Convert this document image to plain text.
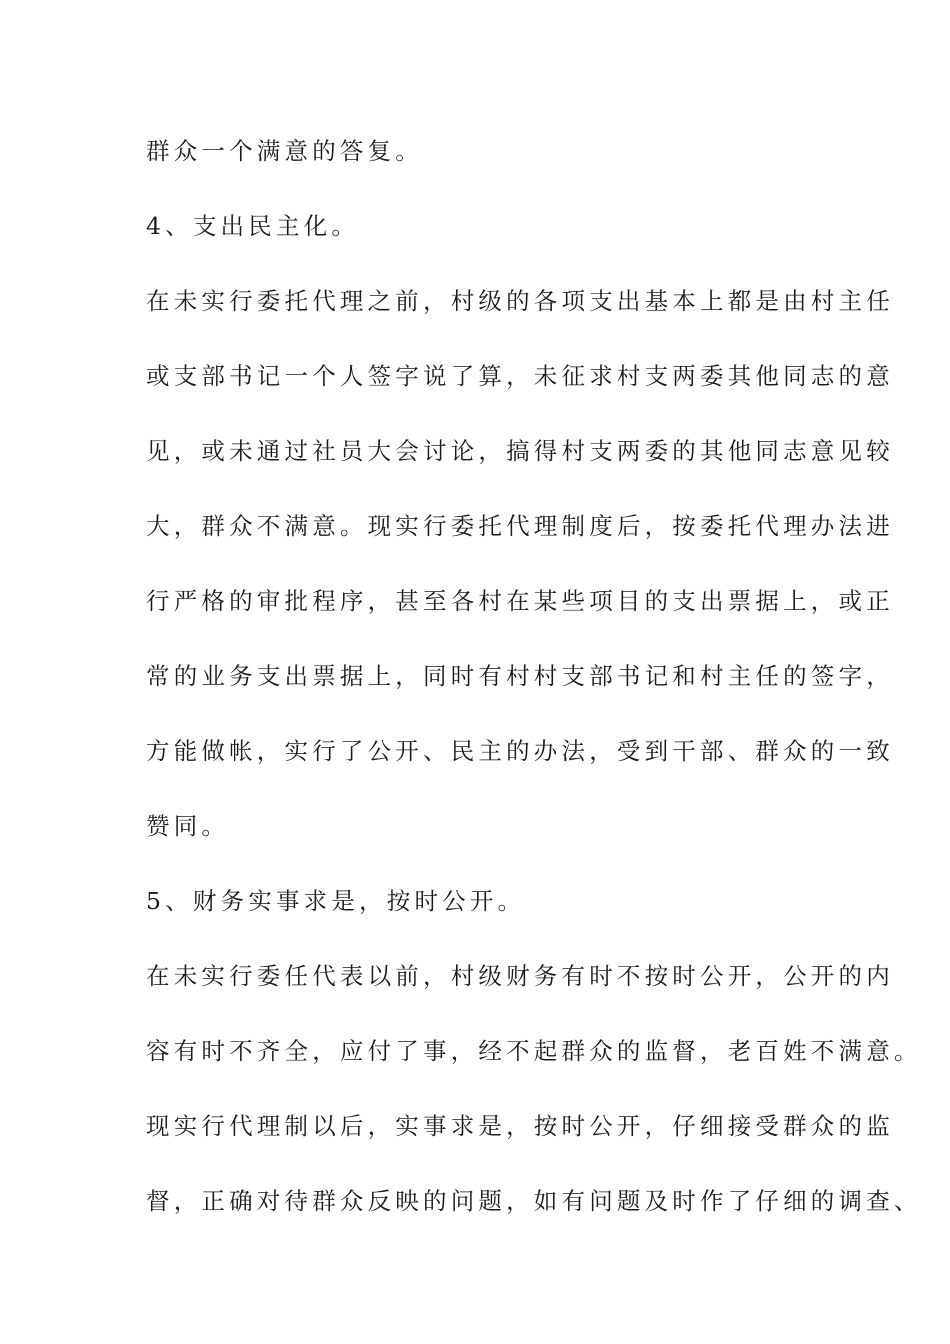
群众一个满意的答复。

4、支出民主化。

在未实行委托代理之前，村级的各项支出基本上都是由村主任

或支部书记一个人签字说了算，未征求村支两委其他同志的意

见，或未通过社员大会讨论，搞得村支两委的其他同志意见较

大，群众不满意。现实行委托代理制度后，按委托代理办法进

行严格的审批程序，甚至各村在某些项目的支出票据上，或正

常的业务支出票据上，同时有村村支部书记和村主任的签字，

方能做帐，实行了公开、民主的办法，受到干部、群众的一致

赞同。

5、财务实事求是，按时公开。

在未实行委任代表以前，村级财务有时不按时公开，公开的内

容有时不齐全，应付了事，经不起群众的监督，老百姓不满意。

现实行代理制以后，实事求是，按时公开，仔细接受群众的监

督，正确对待群众反映的问题，如有问题及时作了仔细的调查、
